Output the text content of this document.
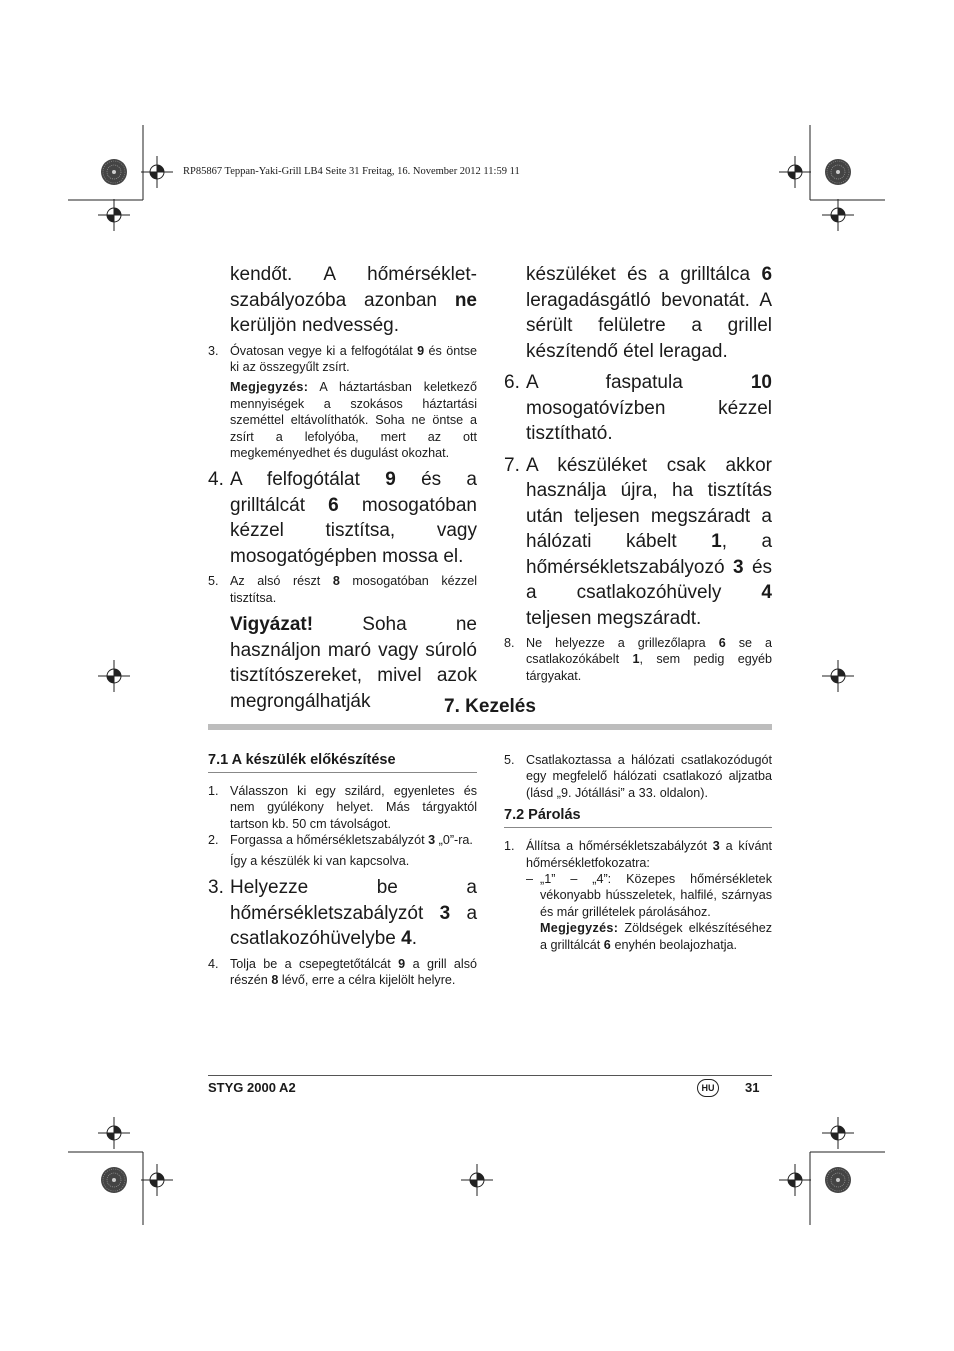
RP85867 Teppan-Yaki-Grill LB4 Seite 31 Freitag, 16. November 2012 11:59 11
kendőt. A hőmérséklet-szabályozóba azonban ne kerüljön nedvesség.
3. Óvatosan vegye ki a felfogótálat 9 és öntse ki az összegyűlt zsírt.
Megjegyzés: A háztartásban keletkező mennyiségek a szokásos háztartási szeméttel eltávolíthatók. Soha ne öntse a zsírt a lefolyóba, mert az ott megkeményedhet és dugulást okozhat.
4. A felfogótálat 9 és a grilltálcát 6 mosogatóban kézzel tisztítsa, vagy mosogatógépben mossa el.
5. Az alsó részt 8 mosogatóban kézzel tisztítsa.
Vigyázat!	Soha ne használjon maró vagy súroló tisztítószereket, mivel azok megrongálhatják
készüléket és a grilltálca 6 leragadásgátló bevonatát. A sérült felületre a grillel készítendő étel leragad.
6. A faspatula	10 mosogatóvízben kézzel tisztítható.
7. A készüléket csak akkor használja újra, ha tisztítás után teljesen megszáradt a hálózati kábelt 1, a hőmérsékletszabályozó 3 és a csatlakozóhüvely 4 teljesen megszáradt.
8. Ne helyezze a grillezőlapra 6 se a csatlakozókábelt 1, sem pedig egyéb tárgyakat.
7. Kezelés
7.1 A készülék előkészítése
1. Válasszon ki egy szilárd, egyenletes és nem gyúlékony helyet. Más tárgyaktól tartson kb. 50 cm távolságot.
2. Forgassa a hőmérsékletszabályzót 3 „0”-ra.
Így a készülék ki van kapcsolva.
3. Helyezze be a hőmérsékletszabályzót 3 a csatlakozóhüvelybe 4.
4. Tolja be a csepegtetőtálcát 9 a grill alsó részén 8 lévő, erre a célra kijelölt helyre.
5. Csatlakoztassa a hálózati csatlakozódugót egy megfelelő hálózati csatlakozó aljzatba (lásd „9. Jótállási” a 33. oldalon).
7.2 Párolás
1. Állítsa a hőmérsékletszabályzót 3 a kívánt hőmérsékletfokozatra:
– „1” – „4”: Közepes hőmérsékletek vékonyabb hússzeletek, halfilé, szárnyas és már grillételek párolásához.
Megjegyzés: Zöldségek elkészítéséhez a grilltálcát 6 enyhén beolajozhatja.
STYG 2000 A2	HU	31
